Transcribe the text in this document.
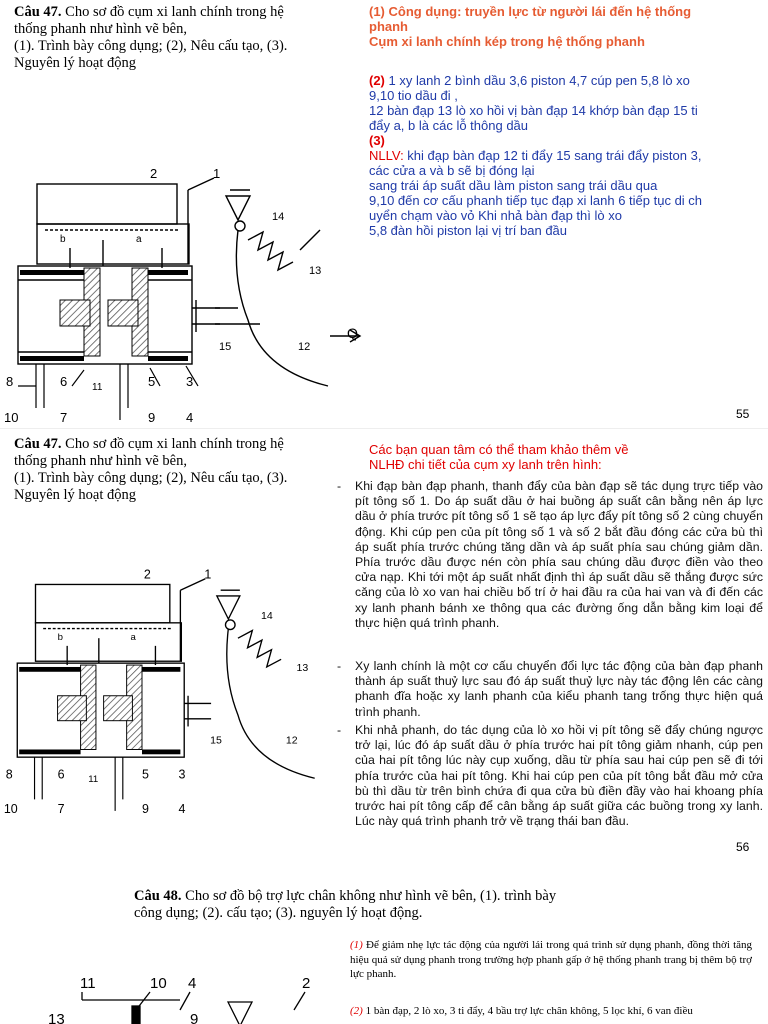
Câu 47. Cho sơ đồ cụm xi lanh chính trong hệ
thống phanh như hình vẽ bên,
(1). Trình bày công dụng; (2), Nêu cấu tạo, (3).
Nguyên lý hoạt động
(1) Công dụng: truyền lực từ người lái đến hệ thống
phanh
Cụm xi lanh chính kép trong hệ thống phanh
(2) 1 xy lanh 2 bình dầu 3,6 piston 4,7 cúp pen 5,8 lò xo
9,10 tio dầu đi ,
12 bàn đạp 13 lò xo hồi vị bàn đạp 14 khớp bàn đạp 15 ti
đẩy a, b là các lỗ thông dầu
(3)
NLLV: khi đạp bàn đạp 12 ti đẩy 15 sang trái đẩy piston 3,
các cửa a và b sẽ bị đóng lại
sang trái áp suất dầu làm piston sang trái dầu qua
9,10 đến cơ cấu phanh tiếp tục đạp xi lanh 6 tiếp tục di ch
uyển chạm vào vỏ Khi nhả bàn đạp thì lò xo
5,8 đàn hồi piston lại vị trí ban đầu
55
2	1
b	a
14
13
15	12
Q
8	6 11	5 3
10	7	9 4
Câu 47. Cho sơ đồ cụm xi lanh chính trong hệ
thống phanh như hình vẽ bên,
(1). Trình bày công dụng; (2), Nêu cấu tạo, (3).
Nguyên lý hoạt động
Các bạn quan tâm có thể tham khảo thêm về
NLHĐ chi tiết của cụm xy lanh trên hình:
- Khi đạp bàn đạp phanh, thanh đẩy của bàn đạp sẽ tác dụng trực tiếp vào pít tông số 1. Do áp suất dầu ở hai buồng áp suất cân bằng nên áp lực dầu ở phía trước pít tông số 1 sẽ tạo áp lực đẩy pít tông số 2 cùng chuyển động. Khi cúp pen của pít tông số 1 và số 2 bắt đầu đóng các cửa bù thì áp suất phía trước chúng tăng dần và áp suất phía sau chúng giảm dần. Phía trước dầu được nén còn phía sau chúng dầu được điền vào theo cửa nạp. Khi tới một áp suất nhất định thì áp suất dầu sẽ thắng được sức căng của lò xo van hai chiều bố trí ở hai đầu ra của hai van và đi đến các xy lanh phanh bánh xe thông qua các đường ống dẫn bằng kim loại để thực hiện quá trình phanh.
- Xy lanh chính là một cơ cấu chuyển đổi lực tác động của bàn đạp phanh thành áp suất thuỷ lực sau đó áp suất thuỷ lực này tác động lên các càng phanh đĩa hoặc xy lanh phanh của kiểu phanh tang trống thực hiện quá trình phanh.
- Khi nhả phanh, do tác dụng của lò xo hồi vị pít tông sẽ đẩy chúng ngược trở lại, lúc đó áp suất dầu ở phía trước hai pít tông giảm nhanh, cúp pen của hai pít tông lúc này cụp xuống, dầu từ phía sau hai cúp pen sẽ đi tới phía trước của hai pít tông. Khi hai cúp pen của pít tông bắt đầu mở cửa bù thì dầu từ trên bình chứa đi qua cửa bù điền đầy vào hai khoang phía trước hai pít tông cấp để cân bằng áp suất giữa các buồng trong xy lanh. Lúc này quá trình phanh trở về trạng thái ban đầu.
56
2	1
b	a
14
13
15	12
8	6 11	5 3
10	7	9 4
Câu 48. Cho sơ đồ bộ trợ lực chân không như hình vẽ bên, (1). trình bày
công dụng; (2). cấu tạo; (3). nguyên lý hoạt động.
(1) Để giảm nhẹ lực tác động của người lái trong quá trình sử dụng phanh, đồng thời tăng hiệu quả sử dụng phanh trong trường hợp phanh gấp ở hệ thống phanh trang bị thêm bộ trợ lực phanh.
(2) 1 bàn đạp, 2 lò xo, 3 ti đẩy, 4 bầu trợ lực chân không, 5 lọc khí, 6 van điều
11	10 4	2
13	9
